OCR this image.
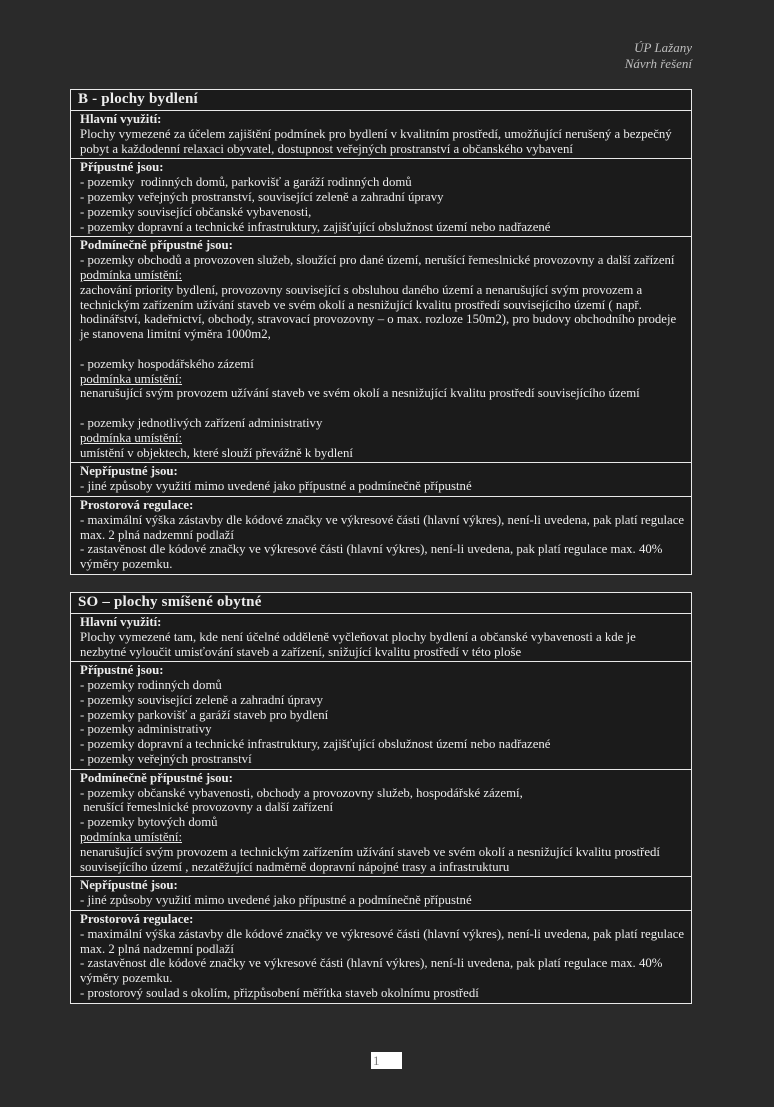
ÚP Lažany
Návrh řešení
B - plochy bydlení
Hlavní využití:
Plochy vymezené za účelem zajištění podmínek pro bydlení v kvalitním prostředí, umožňující nerušený a bezpečný pobyt a každodenní relaxaci obyvatel, dostupnost veřejných prostranství a občanského vybavení
Přípustné jsou:
- pozemky  rodinných domů, parkovišť a garáží rodinných domů
- pozemky veřejných prostranství, související zeleně a zahradní úpravy
- pozemky související občanské vybavenosti,
- pozemky dopravní a technické infrastruktury, zajišťující obslužnost území nebo nadřazené
Podmínečně přípustné jsou:
- pozemky obchodů a provozoven služeb, sloužící pro dané území, nerušící řemeslnické provozovny a další zařízení
podmínka umístění:
zachování priority bydlení, provozovny související s obsluhou daného území a nenarušující svým provozem a technickým zařízením užívání staveb ve svém okolí a nesnižující kvalitu prostředí souvisejícího území ( např. hodinářství, kadeřnictví, obchody, stravovací provozovny – o max. rozloze 150m2), pro budovy obchodního prodeje je stanovena limitní výměra 1000m2,
- pozemky hospodářského zázemí
podmínka umístění:
nenarušující svým provozem užívání staveb ve svém okolí a nesnižující kvalitu prostředí souvisejícího území
- pozemky jednotlivých zařízení administrativy
podmínka umístění:
umístění v objektech, které slouží převážně k bydlení
Nepřípustné jsou:
- jiné způsoby využití mimo uvedené jako přípustné a podmínečně přípustné
Prostorová regulace:
- maximální výška zástavby dle kódové značky ve výkresové části (hlavní výkres), není-li uvedena, pak platí regulace max. 2 plná nadzemní podlaží
- zastavěnost dle kódové značky ve výkresové části (hlavní výkres), není-li uvedena, pak platí regulace max. 40% výměry pozemku.
SO – plochy smíšené obytné
Hlavní využití:
Plochy vymezené tam, kde není účelné odděleně vyčleňovat plochy bydlení a občanské vybavenosti a kde je nezbytné vyloučit umisťování staveb a zařízení, snižující kvalitu prostředí v této ploše
Přípustné jsou:
- pozemky rodinných domů
- pozemky související zeleně a zahradní úpravy
- pozemky parkovišť a garáží staveb pro bydlení
- pozemky administrativy
- pozemky dopravní a technické infrastruktury, zajišťující obslužnost území nebo nadřazené
- pozemky veřejných prostranství
Podmínečně přípustné jsou:
- pozemky občanské vybavenosti, obchody a provozovny služeb, hospodářské zázemí,
nerušící řemeslnické provozovny a další zařízení
- pozemky bytových domů
podmínka umístění:
nenarušující svým provozem a technickým zařízením užívání staveb ve svém okolí a nesnižující kvalitu prostředí souvisejícího území , nezatěžující nadměrně dopravní nápojné trasy a infrastrukturu
Nepřípustné jsou:
- jiné způsoby využití mimo uvedené jako přípustné a podmínečně přípustné
Prostorová regulace:
- maximální výška zástavby dle kódové značky ve výkresové části (hlavní výkres), není-li uvedena, pak platí regulace max. 2 plná nadzemní podlaží
- zastavěnost dle kódové značky ve výkresové části (hlavní výkres), není-li uvedena, pak platí regulace max. 40% výměry pozemku.
- prostorový soulad s okolím, přizpůsobení měřítka staveb okolnímu prostředí
1
